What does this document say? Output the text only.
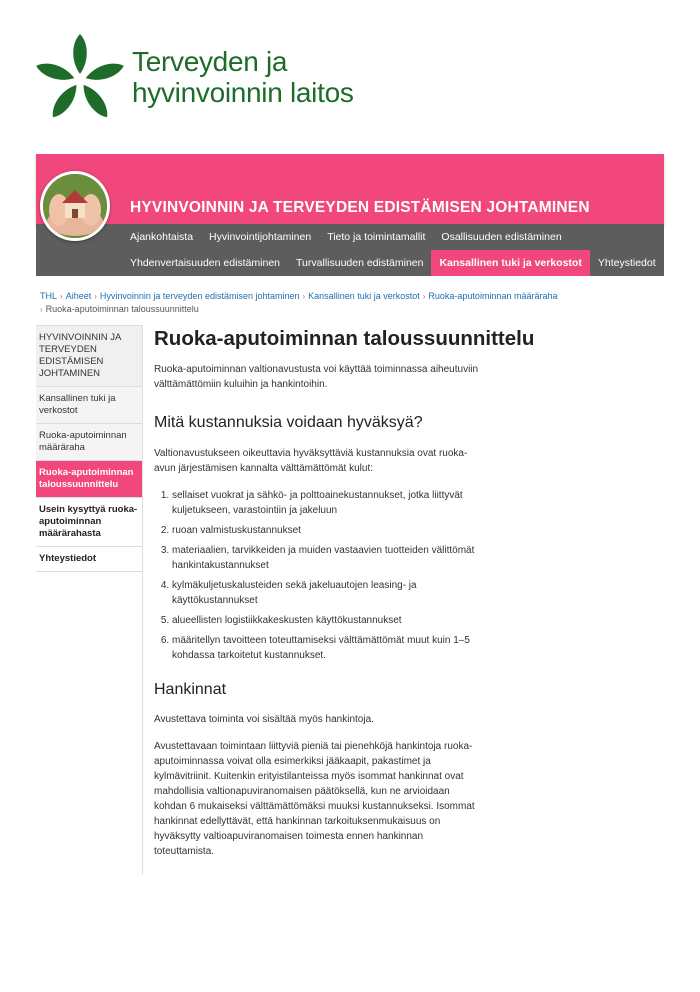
Terveyden ja
hyvinvoinnin laitos
HYVINVOINNIN JA TERVEYDEN EDISTÄMISEN JOHTAMINEN
Ajankohtaista	Hyvinvointijohtaminen	Tieto ja toimintamallit	Osallisuuden edistäminen
Yhdenvertaisuuden edistäminen	Turvallisuuden edistäminen	Kansallinen tuki ja verkostot	Yhteystiedot
THL › Aiheet › Hyvinvoinnin ja terveyden edistämisen johtaminen › Kansallinen tuki ja verkostot › Ruoka-aputoiminnan määräraha
› Ruoka-aputoiminnan taloussuunnittelu
HYVINVOINNIN JA TERVEYDEN EDISTÄMISEN JOHTAMINEN
Kansallinen tuki ja verkostot
Ruoka-aputoiminnan määräraha
Ruoka-aputoiminnan taloussuunnittelu
Usein kysyttyä ruoka-aputoiminnan määrärahasta
Yhteystiedot
Ruoka-aputoiminnan taloussuunnittelu

Ruoka-aputoiminnan valtionavustusta voi käyttää toiminnassa aiheutuviin välttämättömiin kuluihin ja hankintoihin.

Mitä kustannuksia voidaan hyväksyä?

Valtionavustukseen oikeuttavia hyväksyttäviä kustannuksia ovat ruoka-avun järjestämisen kannalta välttämättömät kulut:

1. sellaiset vuokrat ja sähkö- ja polttoainekustannukset, jotka liittyvät kuljetukseen, varastointiin ja jakeluun
2. ruoan valmistuskustannukset
3. materiaalien, tarvikkeiden ja muiden vastaavien tuotteiden välittömät hankintakustannukset
4. kylmäkuljetuskalusteiden sekä jakeluautojen leasing- ja käyttökustannukset
5. alueellisten logistiikkakeskusten käyttökustannukset
6. määritellyn tavoitteen toteuttamiseksi välttämättömät muut kuin 1–5 kohdassa tarkoitetut kustannukset.
Hankinnat

Avustettava toiminta voi sisältää myös hankintoja.

Avustettavaan toimintaan liittyviä pieniä tai pienehköjä hankintoja ruoka-aputoiminnassa voivat olla esimerkiksi jääkaapit, pakastimet ja kylmävitriinit. Kuitenkin erityistilanteissa myös isommat hankinnat ovat mahdollisia valtionapuviranomaisen päätöksellä, kun ne arvioidaan kohdan 6 mukaiseksi välttämättömäksi muuksi kustannukseksi. Isommat hankinnat edellyttävät, että hankinnan tarkoituksenmukaisuus on hyväksytty valtioapuviranomaisen toimesta ennen hankinnan toteuttamista.
